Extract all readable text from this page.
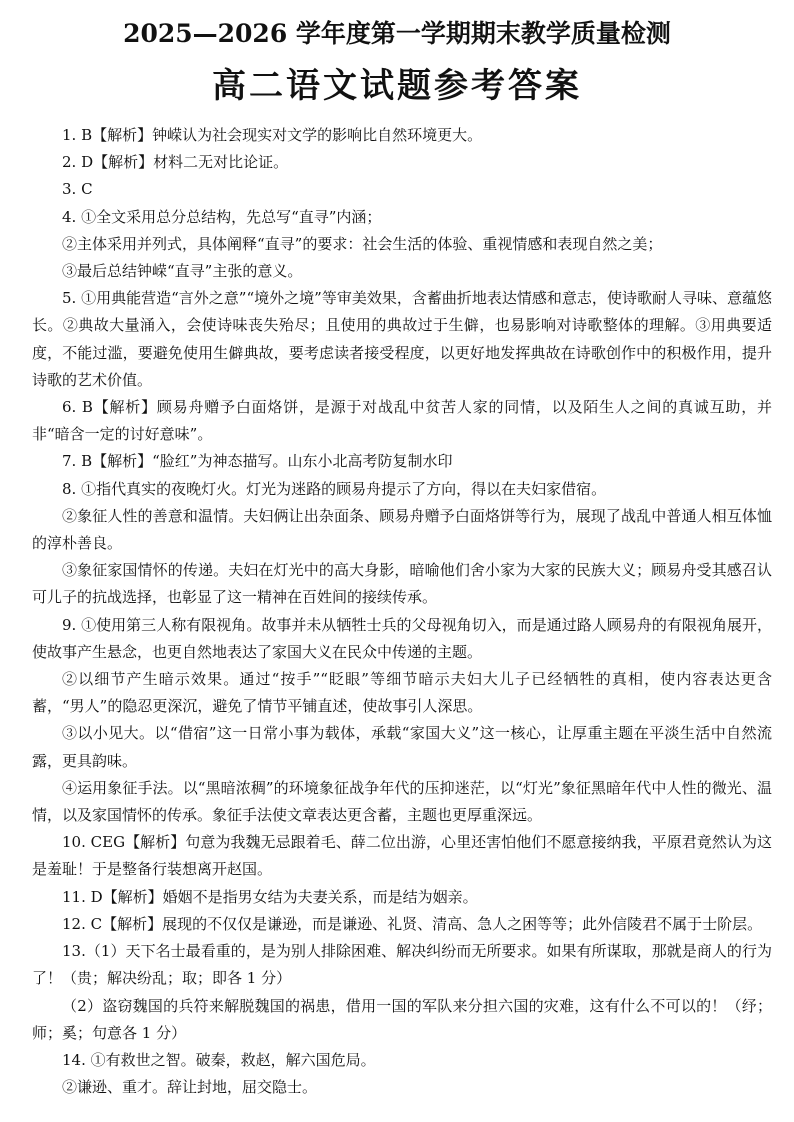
2025—2026 学年度第一学期期末教学质量检测
高二语文试题参考答案

1. B【解析】钟嵘认为社会现实对文学的影响比自然环境更大。

2. D【解析】材料二无对比论证。

3. C

4. ①全文采用总分总结构，先总写“直寻”内涵；

②主体采用并列式，具体阐释“直寻”的要求：社会生活的体验、重视情感和表现自然之美；

③最后总结钟嵘“直寻”主张的意义。

5. ①用典能营造“言外之意”“境外之境”等审美效果，含蓄曲折地表达情感和意志，使诗歌耐人寻味、意蕴悠长。②典故大量涌入，会使诗味丧失殆尽；且使用的典故过于生僻，也易影响对诗歌整体的理解。③用典要适度，不能过滥，要避免使用生僻典故，要考虑读者接受程度，以更好地发挥典故在诗歌创作中的积极作用，提升诗歌的艺术价值。

6. B【解析】顾易舟赠予白面烙饼，是源于对战乱中贫苦人家的同情，以及陌生人之间的真诚互助，并非“暗含一定的讨好意味”。

7. B【解析】“脸红”为神态描写。山东小北高考防复制水印

8. ①指代真实的夜晚灯火。灯光为迷路的顾易舟提示了方向，得以在夫妇家借宿。

②象征人性的善意和温情。夫妇俩让出杂面条、顾易舟赠予白面烙饼等行为，展现了战乱中普通人相互体恤的淳朴善良。

③象征家国情怀的传递。夫妇在灯光中的高大身影，暗喻他们舍小家为大家的民族大义；顾易舟受其感召认可儿子的抗战选择，也彰显了这一精神在百姓间的接续传承。

9. ①使用第三人称有限视角。故事并未从牺牲士兵的父母视角切入，而是通过路人顾易舟的有限视角展开，使故事产生悬念，也更自然地表达了家国大义在民众中传递的主题。

②以细节产生暗示效果。通过“按手”“眨眼”等细节暗示夫妇大儿子已经牺牲的真相，使内容表达更含蓄，“男人”的隐忍更深沉，避免了情节平铺直述，使故事引人深思。

③以小见大。以“借宿”这一日常小事为载体，承载“家国大义”这一核心，让厚重主题在平淡生活中自然流露，更具韵味。

④运用象征手法。以“黑暗浓稠”的环境象征战争年代的压抑迷茫，以“灯光”象征黑暗年代中人性的微光、温情，以及家国情怀的传承。象征手法使文章表达更含蓄，主题也更厚重深远。

10. CEG【解析】句意为我魏无忌跟着毛、薛二位出游，心里还害怕他们不愿意接纳我，平原君竟然认为这是羞耻！于是整备行装想离开赵国。

11. D【解析】婚姻不是指男女结为夫妻关系，而是结为姻亲。

12. C【解析】展现的不仅仅是谦逊，而是谦逊、礼贤、清高、急人之困等等；此外信陵君不属于士阶层。

13.（1）天下名士最看重的，是为别人排除困难、解决纠纷而无所要求。如果有所谋取，那就是商人的行为了！（贵；解决纷乱；取；即各 1 分）

（2）盗窃魏国的兵符来解脱魏国的祸患，借用一国的军队来分担六国的灾难，这有什么不可以的！（纾；师；奚；句意各 1 分）

14. ①有救世之智。破秦，救赵，解六国危局。

②谦逊、重才。辞让封地，屈交隐士。
